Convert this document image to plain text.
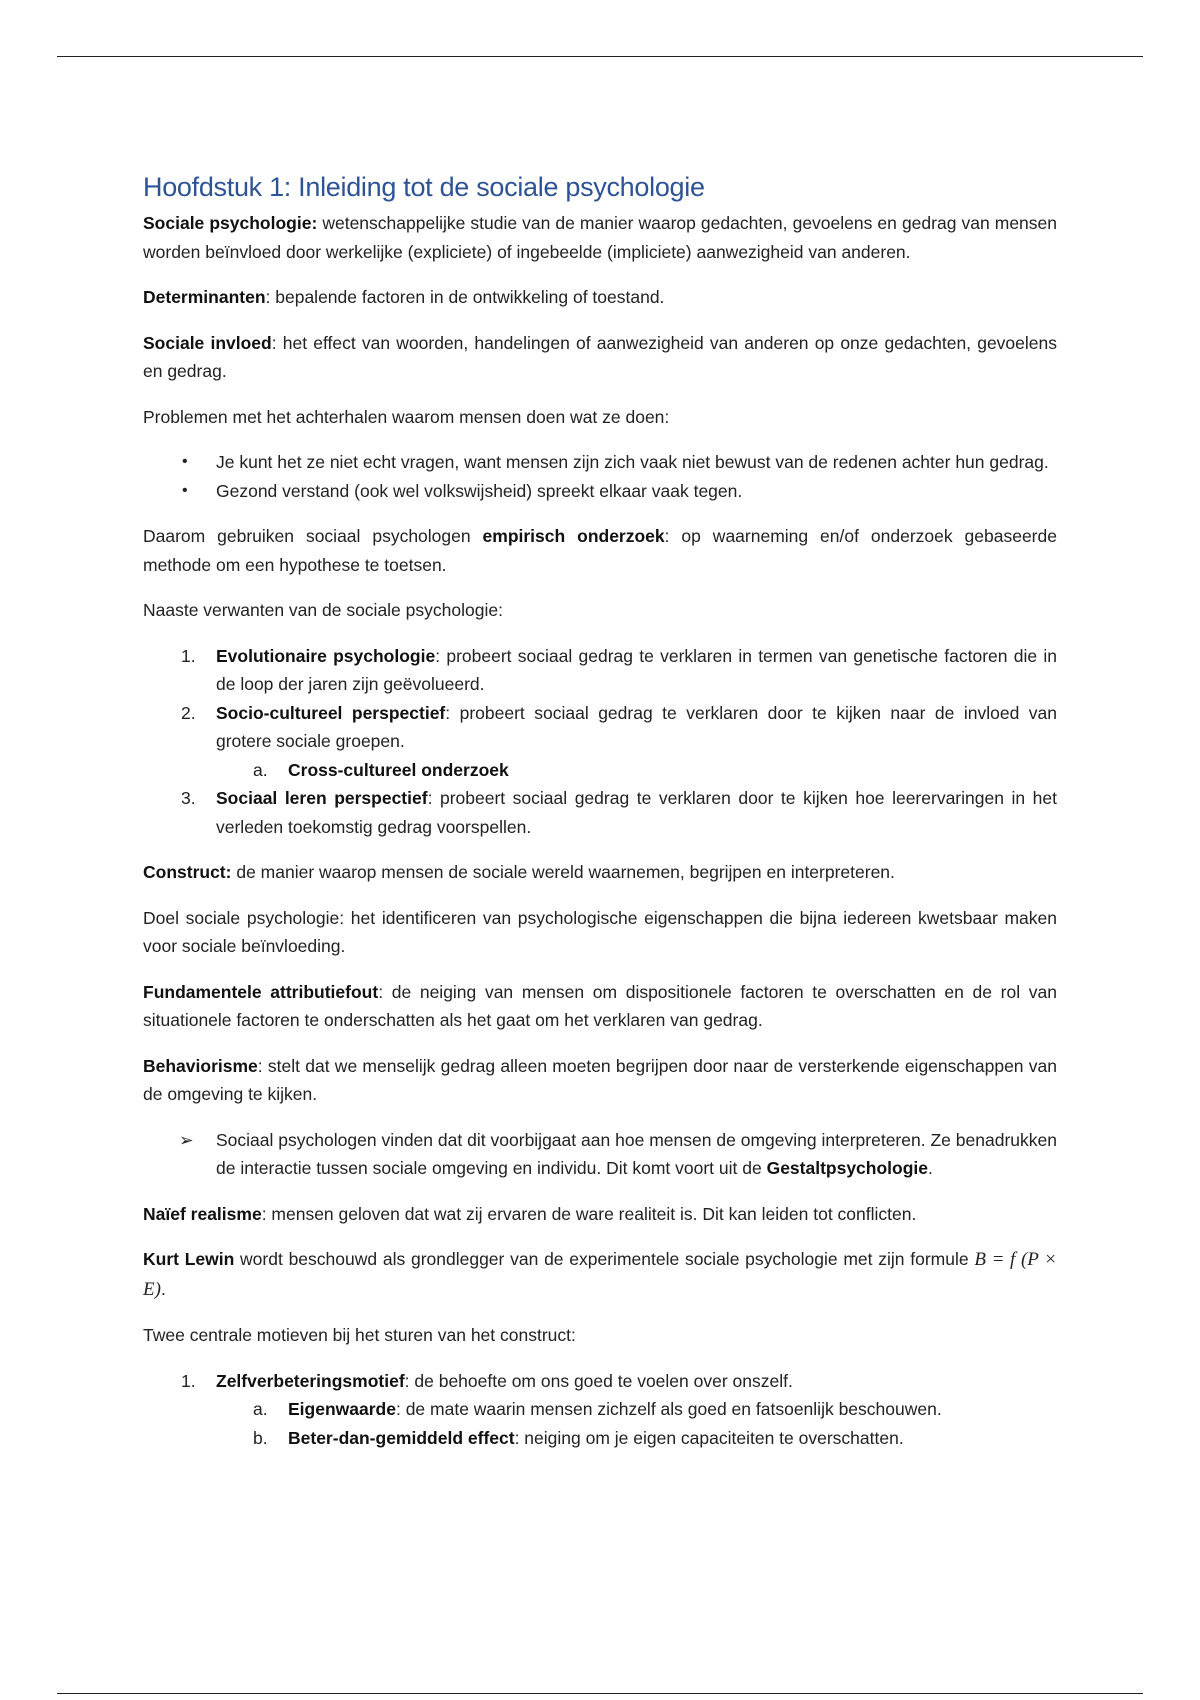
Hoofdstuk 1: Inleiding tot de sociale psychologie

Sociale psychologie: wetenschappelijke studie van de manier waarop gedachten, gevoelens en gedrag van mensen worden beïnvloed door werkelijke (expliciete) of ingebeelde (impliciete) aanwezigheid van anderen.

Determinanten: bepalende factoren in de ontwikkeling of toestand.

Sociale invloed: het effect van woorden, handelingen of aanwezigheid van anderen op onze gedachten, gevoelens en gedrag.

Problemen met het achterhalen waarom mensen doen wat ze doen:

• Je kunt het ze niet echt vragen, want mensen zijn zich vaak niet bewust van de redenen achter hun gedrag.
• Gezond verstand (ook wel volkswijsheid) spreekt elkaar vaak tegen.

Daarom gebruiken sociaal psychologen empirisch onderzoek: op waarneming en/of onderzoek gebaseerde methode om een hypothese te toetsen.

Naaste verwanten van de sociale psychologie:

1. Evolutionaire psychologie: probeert sociaal gedrag te verklaren in termen van genetische factoren die in de loop der jaren zijn geëvolueerd.
2. Socio-cultureel perspectief: probeert sociaal gedrag te verklaren door te kijken naar de invloed van grotere sociale groepen.
a. Cross-cultureel onderzoek
3. Sociaal leren perspectief: probeert sociaal gedrag te verklaren door te kijken hoe leerervaringen in het verleden toekomstig gedrag voorspellen.

Construct: de manier waarop mensen de sociale wereld waarnemen, begrijpen en interpreteren.

Doel sociale psychologie: het identificeren van psychologische eigenschappen die bijna iedereen kwetsbaar maken voor sociale beïnvloeding.

Fundamentele attributiefout: de neiging van mensen om dispositionele factoren te overschatten en de rol van situationele factoren te onderschatten als het gaat om het verklaren van gedrag.

Behaviorisme: stelt dat we menselijk gedrag alleen moeten begrijpen door naar de versterkende eigenschappen van de omgeving te kijken.

➢ Sociaal psychologen vinden dat dit voorbijgaat aan hoe mensen de omgeving interpreteren. Ze benadrukken de interactie tussen sociale omgeving en individu. Dit komt voort uit de Gestaltpsychologie.

Naïef realisme: mensen geloven dat wat zij ervaren de ware realiteit is. Dit kan leiden tot conflicten.

Kurt Lewin wordt beschouwd als grondlegger van de experimentele sociale psychologie met zijn formule B = f (P × E).

Twee centrale motieven bij het sturen van het construct:

1. Zelfverbeteringsmotief: de behoefte om ons goed te voelen over onszelf.
a. Eigenwaarde: de mate waarin mensen zichzelf als goed en fatsoenlijk beschouwen.
b. Beter-dan-gemiddeld effect: neiging om je eigen capaciteiten te overschatten.
